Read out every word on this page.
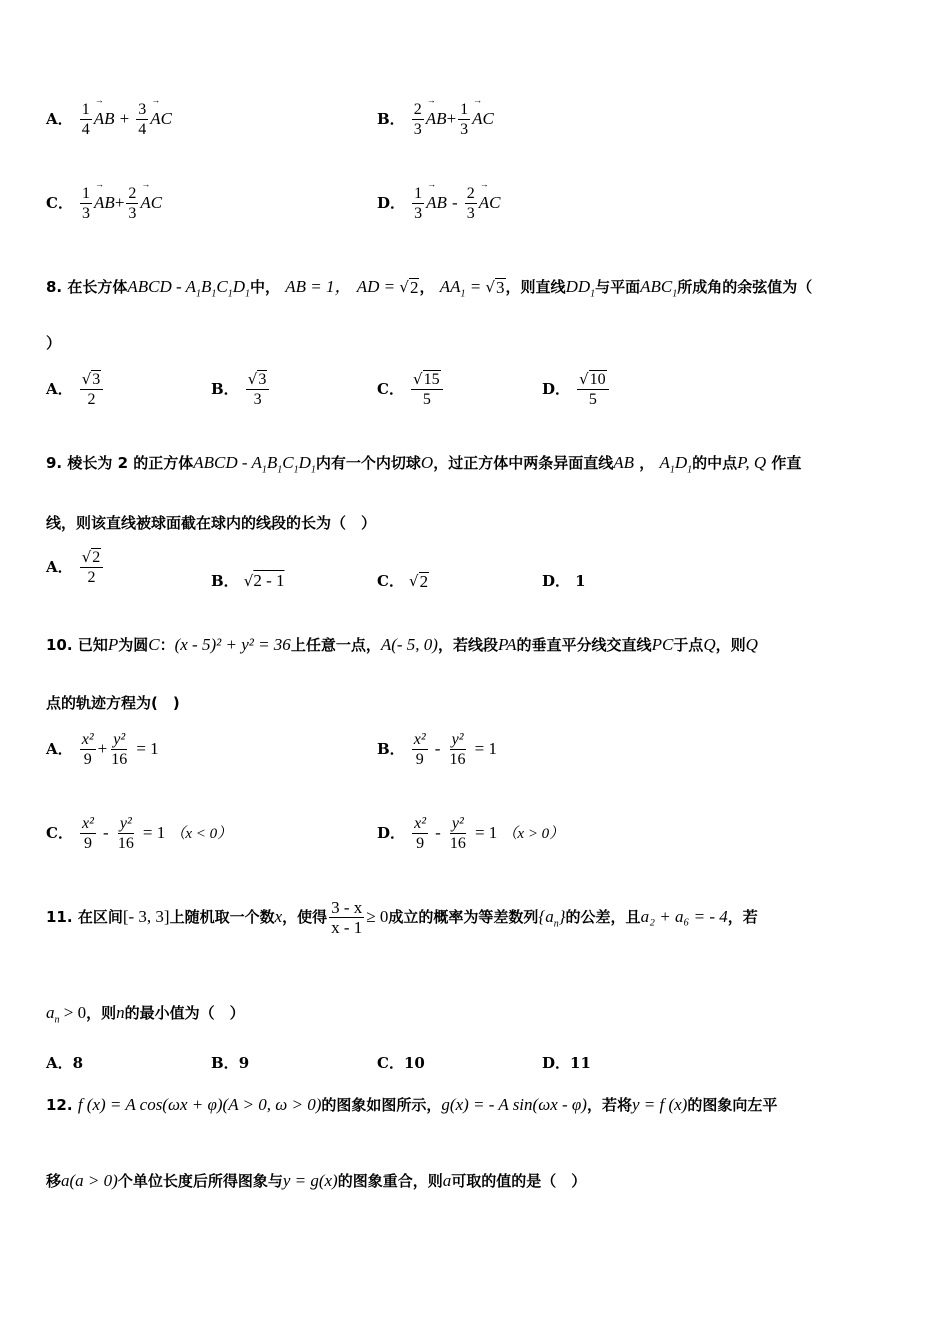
A． $\frac{1}{4}$ → AB + $\frac{3}{4}$ → AC	B． $\frac{2}{3} \to AB+ \frac{1}{3}$ → AC
C． $\frac{1}{3} \to AB+ \frac{2}{3}$ → AC	D． $\frac{1}{3}$ → AB - $\frac{2}{3}$ → AC
8. 在长方体ABCD - $A_1B_1C_1D_1$中， AB = 1， AD = √ 2 ， $AA_1$ = √ 3 ，则直线$DD_1$与平面$ABC_1$所成角的余弦值为（
）
A． $\frac{√ 3}{2}$	B． $\frac{√ 3}{3}$	C． $\frac{√ 15}{5}$	D． $\frac{√ 10}{5}$
9. 棱长为 2 的正方体ABCD - $A_1B_1C_1D_1$内有一个内切球O，过正方体中两条异面直线AB ， $A_1D_1$的中点P, Q 作直
线，则该直线被球面截在球内的线段的长为（　）
A． $\frac{√ 2}{2}$	B． √ 2 - 1	C． √ 2	D． 1
10. 已知P为圆C：(x - 5)² + y² = 36上任意一点，A(- 5, 0)，若线段PA的垂直平分线交直线PC于点Q，则Q
点的轨迹方程为(　)
A． $\frac{\text{x²}}{9} + \frac{\text{y²}}{16} = 1$	B． $\frac{\text{x²}}{9} - \frac{\text{y²}}{16} = 1$
C． $\frac{\text{x²}}{9} - \frac{\text{y²}}{16} = 1$ （x < 0）	D． $\frac{\text{x²}}{9} - \frac{\text{y²}}{16} = 1$ （x > 0）
11. 在区间[- 3, 3]上随机取一个数x，使得 $\frac{3 - x}{x - 1} \ge 0$成立的概率为等差数列$\{a_n\}$的公差，且a₂ + a₆ = - 4，若
$a_n > 0$，则n的最小值为（　）
A．8	B．9	C．10	D．11
12. f (x) = A cos(ωx + φ)(A > 0, ω > 0)的图象如图所示，g(x) = - A sin(ωx - φ)，若将y = f (x)的图象向左平
移a(a > 0)个单位长度后所得图象与y = g(x)的图象重合，则a可取的值的是（　）
